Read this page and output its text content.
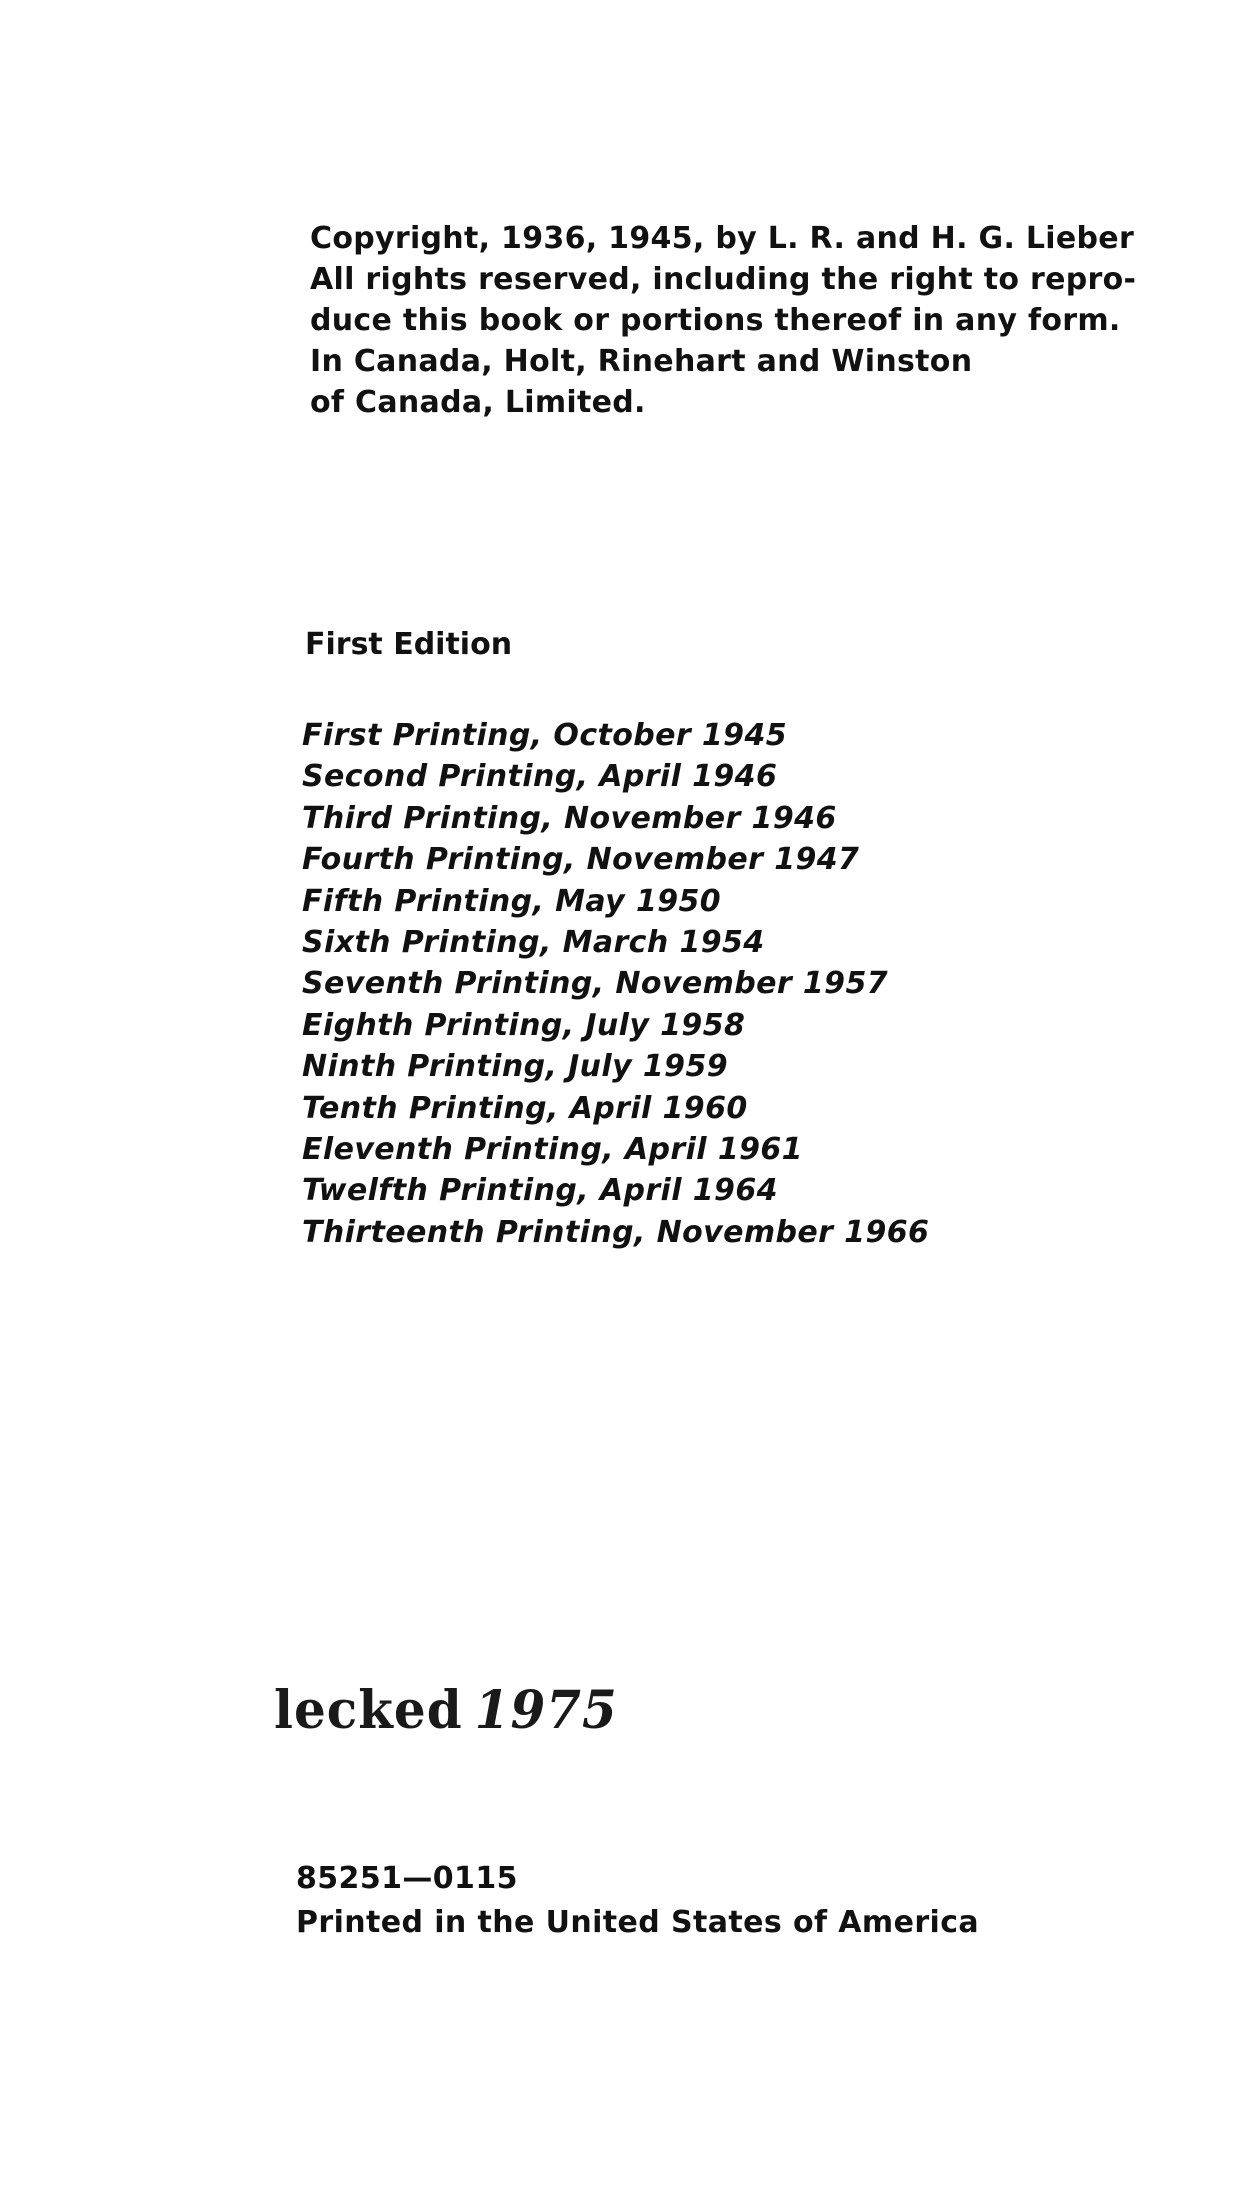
Copyright, 1936, 1945, by L. R. and H. G. Lieber
All rights reserved, including the right to repro-
duce this book or portions thereof in any form.
In Canada, Holt, Rinehart and Winston
of Canada, Limited.
First Edition
First Printing, October 1945
Second Printing, April 1946
Third Printing, November 1946
Fourth Printing, November 1947
Fifth Printing, May 1950
Sixth Printing, March 1954
Seventh Printing, November 1957
Eighth Printing, July 1958
Ninth Printing, July 1959
Tenth Printing, April 1960
Eleventh Printing, April 1961
Twelfth Printing, April 1964
Thirteenth Printing, November 1966
lecked 1975
85251—0115
Printed in the United States of America
